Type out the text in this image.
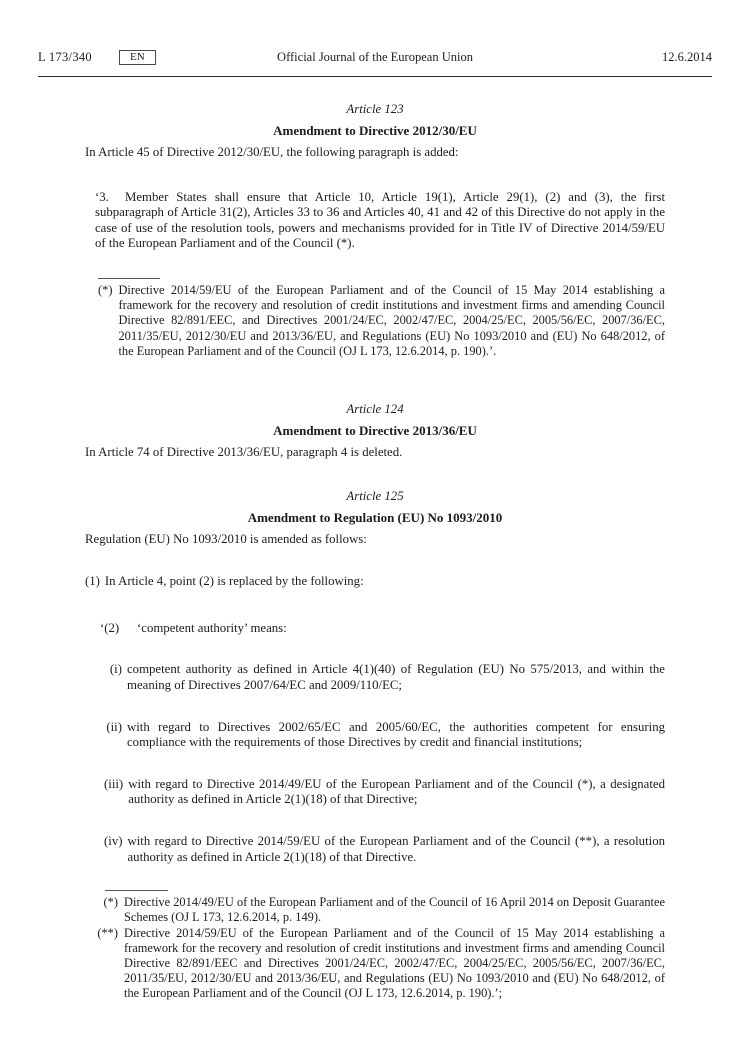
L 173/340	EN	Official Journal of the European Union	12.6.2014
Article 123
Amendment to Directive 2012/30/EU

In Article 45 of Directive 2012/30/EU, the following paragraph is added:

‘3. Member States shall ensure that Article 10, Article 19(1), Article 29(1), (2) and (3), the first subparagraph of Article 31(2), Articles 33 to 36 and Articles 40, 41 and 42 of this Directive do not apply in the case of use of the resolution tools, powers and mechanisms provided for in Title IV of Directive 2014/59/EU of the European Parliament and of the Council (*).
(*) Directive 2014/59/EU of the European Parliament and of the Council of 15 May 2014 establishing a framework for the recovery and resolution of credit institutions and investment firms and amending Council Directive 82/891/EEC, and Directives 2001/24/EC, 2002/47/EC, 2004/25/EC, 2005/56/EC, 2007/36/EC, 2011/35/EU, 2012/30/EU and 2013/36/EU, and Regulations (EU) No 1093/2010 and (EU) No 648/2012, of the European Parliament and of the Council (OJ L 173, 12.6.2014, p. 190).’.
Article 124
Amendment to Directive 2013/36/EU

In Article 74 of Directive 2013/36/EU, paragraph 4 is deleted.

Article 125
Amendment to Regulation (EU) No 1093/2010

Regulation (EU) No 1093/2010 is amended as follows:

(1) In Article 4, point (2) is replaced by the following:
‘(2)	‘competent authority’ means:
(i) competent authority as defined in Article 4(1)(40) of Regulation (EU) No 575/2013, and within the meaning of Directives 2007/64/EC and 2009/110/EC;
(ii) with regard to Directives 2002/65/EC and 2005/60/EC, the authorities competent for ensuring compliance with the requirements of those Directives by credit and financial institutions;
(iii) with regard to Directive 2014/49/EU of the European Parliament and of the Council (*), a designated authority as defined in Article 2(1)(18) of that Directive;
(iv) with regard to Directive 2014/59/EU of the European Parliament and of the Council (**), a resolution authority as defined in Article 2(1)(18) of that Directive.
(*) Directive 2014/49/EU of the European Parliament and of the Council of 16 April 2014 on Deposit Guarantee Schemes (OJ L 173, 12.6.2014, p. 149).
(**) Directive 2014/59/EU of the European Parliament and of the Council of 15 May 2014 establishing a framework for the recovery and resolution of credit institutions and investment firms and amending Council Directive 82/891/EEC and Directives 2001/24/EC, 2002/47/EC, 2004/25/EC, 2005/56/EC, 2007/36/EC, 2011/35/EU, 2012/30/EU and 2013/36/EU, and Regulations (EU) No 1093/2010 and (EU) No 648/2012, of the European Parliament and of the Council (OJ L 173, 12.6.2014, p. 190).’;
